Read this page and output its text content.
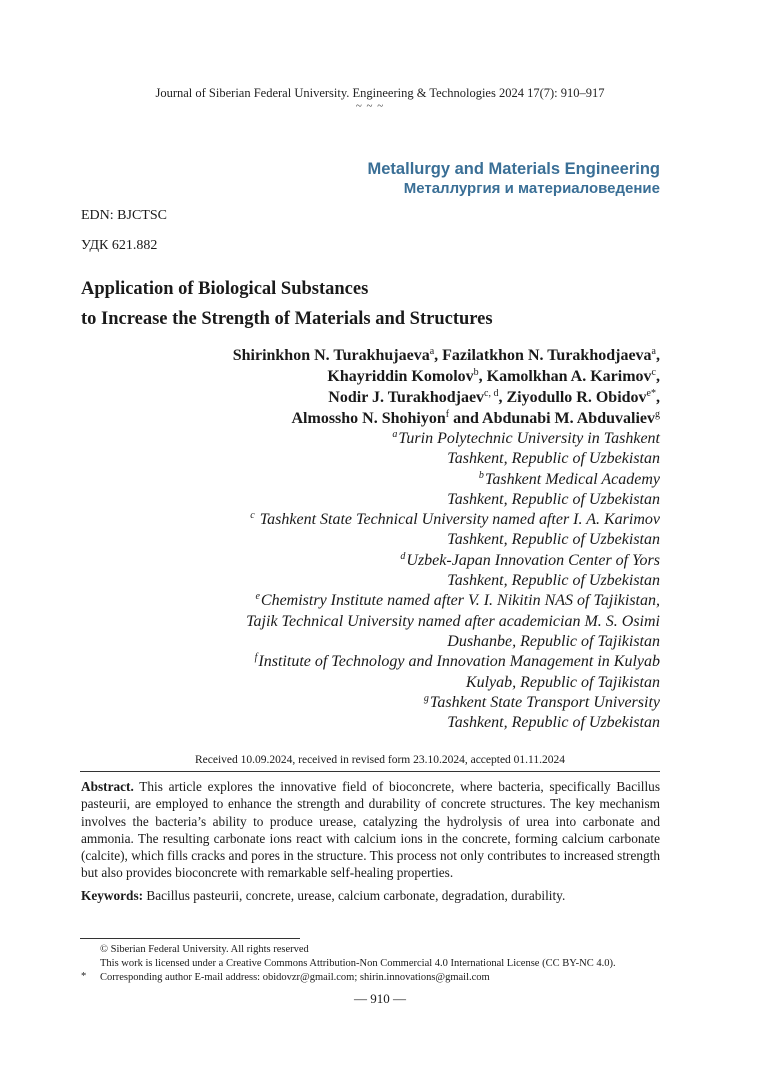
Journal of Siberian Federal University. Engineering & Technologies 2024 17(7): 910–917
~ ~ ~
Metallurgy and Materials Engineering
Металлургия и материаловедение
EDN: BJCTSC
УДК 621.882
Application of Biological Substances
to Increase the Strength of Materials and Structures
Shirinkhon N. Turakhujaeva$^a$, Fazilatkhon N. Turakhodjaeva$^a$,
Khayriddin Komolov$^b$, Kamolkhan A. Karimov$^c$,
Nodir J. Turakhodjaev$^{c, d}$, Ziyodullo R. Obidov$^{e*}$,
Almossho N. Shohiyon$^f$ and Abdunabi M. Abduvaliev$^g$
$^a$Turin Polytechnic University in Tashkent
Tashkent, Republic of Uzbekistan
$^b$Tashkent Medical Academy
Tashkent, Republic of Uzbekistan
$^c$ Tashkent State Technical University named after I. A. Karimov
Tashkent, Republic of Uzbekistan
$^d$Uzbek-Japan Innovation Center of Yors
Tashkent, Republic of Uzbekistan
$^e$Chemistry Institute named after V. I. Nikitin NAS of Tajikistan,
Tajik Technical University named after academician M. S. Osimi
Dushanbe, Republic of Tajikistan
$^f$Institute of Technology and Innovation Management in Kulyab
Kulyab, Republic of Tajikistan
$^g$Tashkent State Transport University
Tashkent, Republic of Uzbekistan
Received 10.09.2024, received in revised form 23.10.2024, accepted 01.11.2024
Abstract. This article explores the innovative field of bioconcrete, where bacteria, specifically Bacillus pasteurii, are employed to enhance the strength and durability of concrete structures. The key mechanism involves the bacteria’s ability to produce urease, catalyzing the hydrolysis of urea into carbonate and ammonia. The resulting carbonate ions react with calcium ions in the concrete, forming calcium carbonate (calcite), which fills cracks and pores in the structure. This process not only contributes to increased strength but also provides bioconcrete with remarkable self-healing properties.
Keywords: Bacillus pasteurii, concrete, urease, calcium carbonate, degradation, durability.
© Siberian Federal University. All rights reserved
This work is licensed under a Creative Commons Attribution-Non Commercial 4.0 International License (CC BY-NC 4.0).
* Corresponding author E-mail address: obidovzr@gmail.com; shirin.innovations@gmail.com
— 910 —
